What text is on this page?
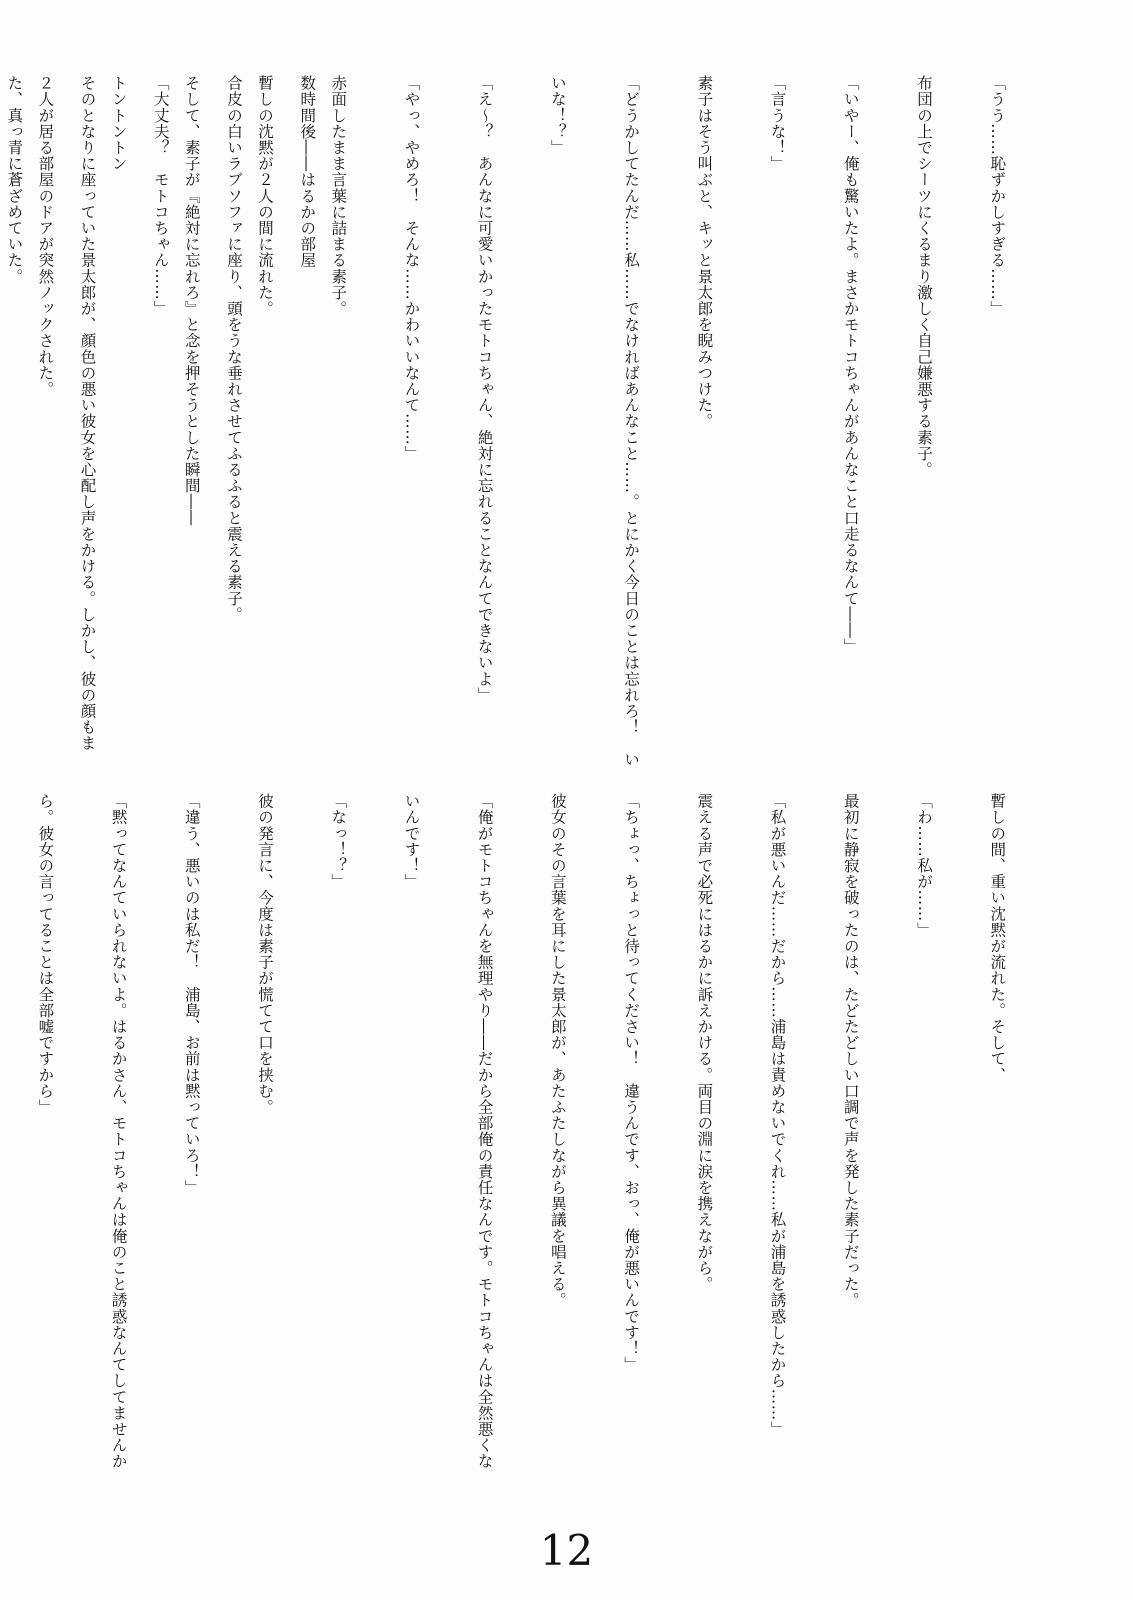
「うう……恥ずかしすぎる……」

布団の上でシーツにくるまり激しく自己嫌悪する素子。

「いやー、俺も驚いたよ。まさかモトコちゃんがあんなこと口走るなんて――」

「言うな！」

素子はそう叫ぶと、キッと景太郎を睨みつけた。

「どうかしてたんだ……私……でなければあんなこと……。とにかく今日のことは忘れろ！　い

いな！？」

「え～？　あんなに可愛いかったモトコちゃん、絶対に忘れることなんてできないよ」

「やっ、やめろ！　そんな……かわいいなんて……」

赤面したまま言葉に詰まる素子。

暫しの沈黙が２人の間に流れた。

そして、素子が『絶対に忘れろ』と念を押そうとした瞬間――

トントントン

２人が居る部屋のドアが突然ノックされた。

	数時間後――はるかの部屋

合皮の白いラブソファに座り、頭をうな垂れさせてふるふると震える素子。

「大丈夫？　モトコちゃん……」

そのとなりに座っていた景太郎が、顔色の悪い彼女を心配し声をかける。しかし、彼の顔もま

た、真っ青に蒼ざめていた。

暫しの間、重い沈黙が流れた。そして、

「わ……私が……」

最初に静寂を破ったのは、たどたどしい口調で声を発した素子だった。

「私が悪いんだ……だから……浦島は責めないでくれ……私が浦島を誘惑したから……」

震える声で必死にはるかに訴えかける。両目の淵に涙を携えながら。

「ちょっ、ちょっと待ってください！　違うんです、おっ、俺が悪いんです！」

彼女のその言葉を耳にした景太郎が、あたふたしながら異議を唱える。

「俺がモトコちゃんを無理やり――だから全部俺の責任なんです。モトコちゃんは全然悪くな

いんです！」

「なっ！？」

彼の発言に、今度は素子が慌てて口を挟む。

「違う、悪いのは私だ！　浦島、お前は黙っていろ！」

「黙ってなんていられないよ。はるかさん、モトコちゃんは俺のこと誘惑なんてしてませんか

ら。彼女の言ってることは全部嘘ですから」

12
